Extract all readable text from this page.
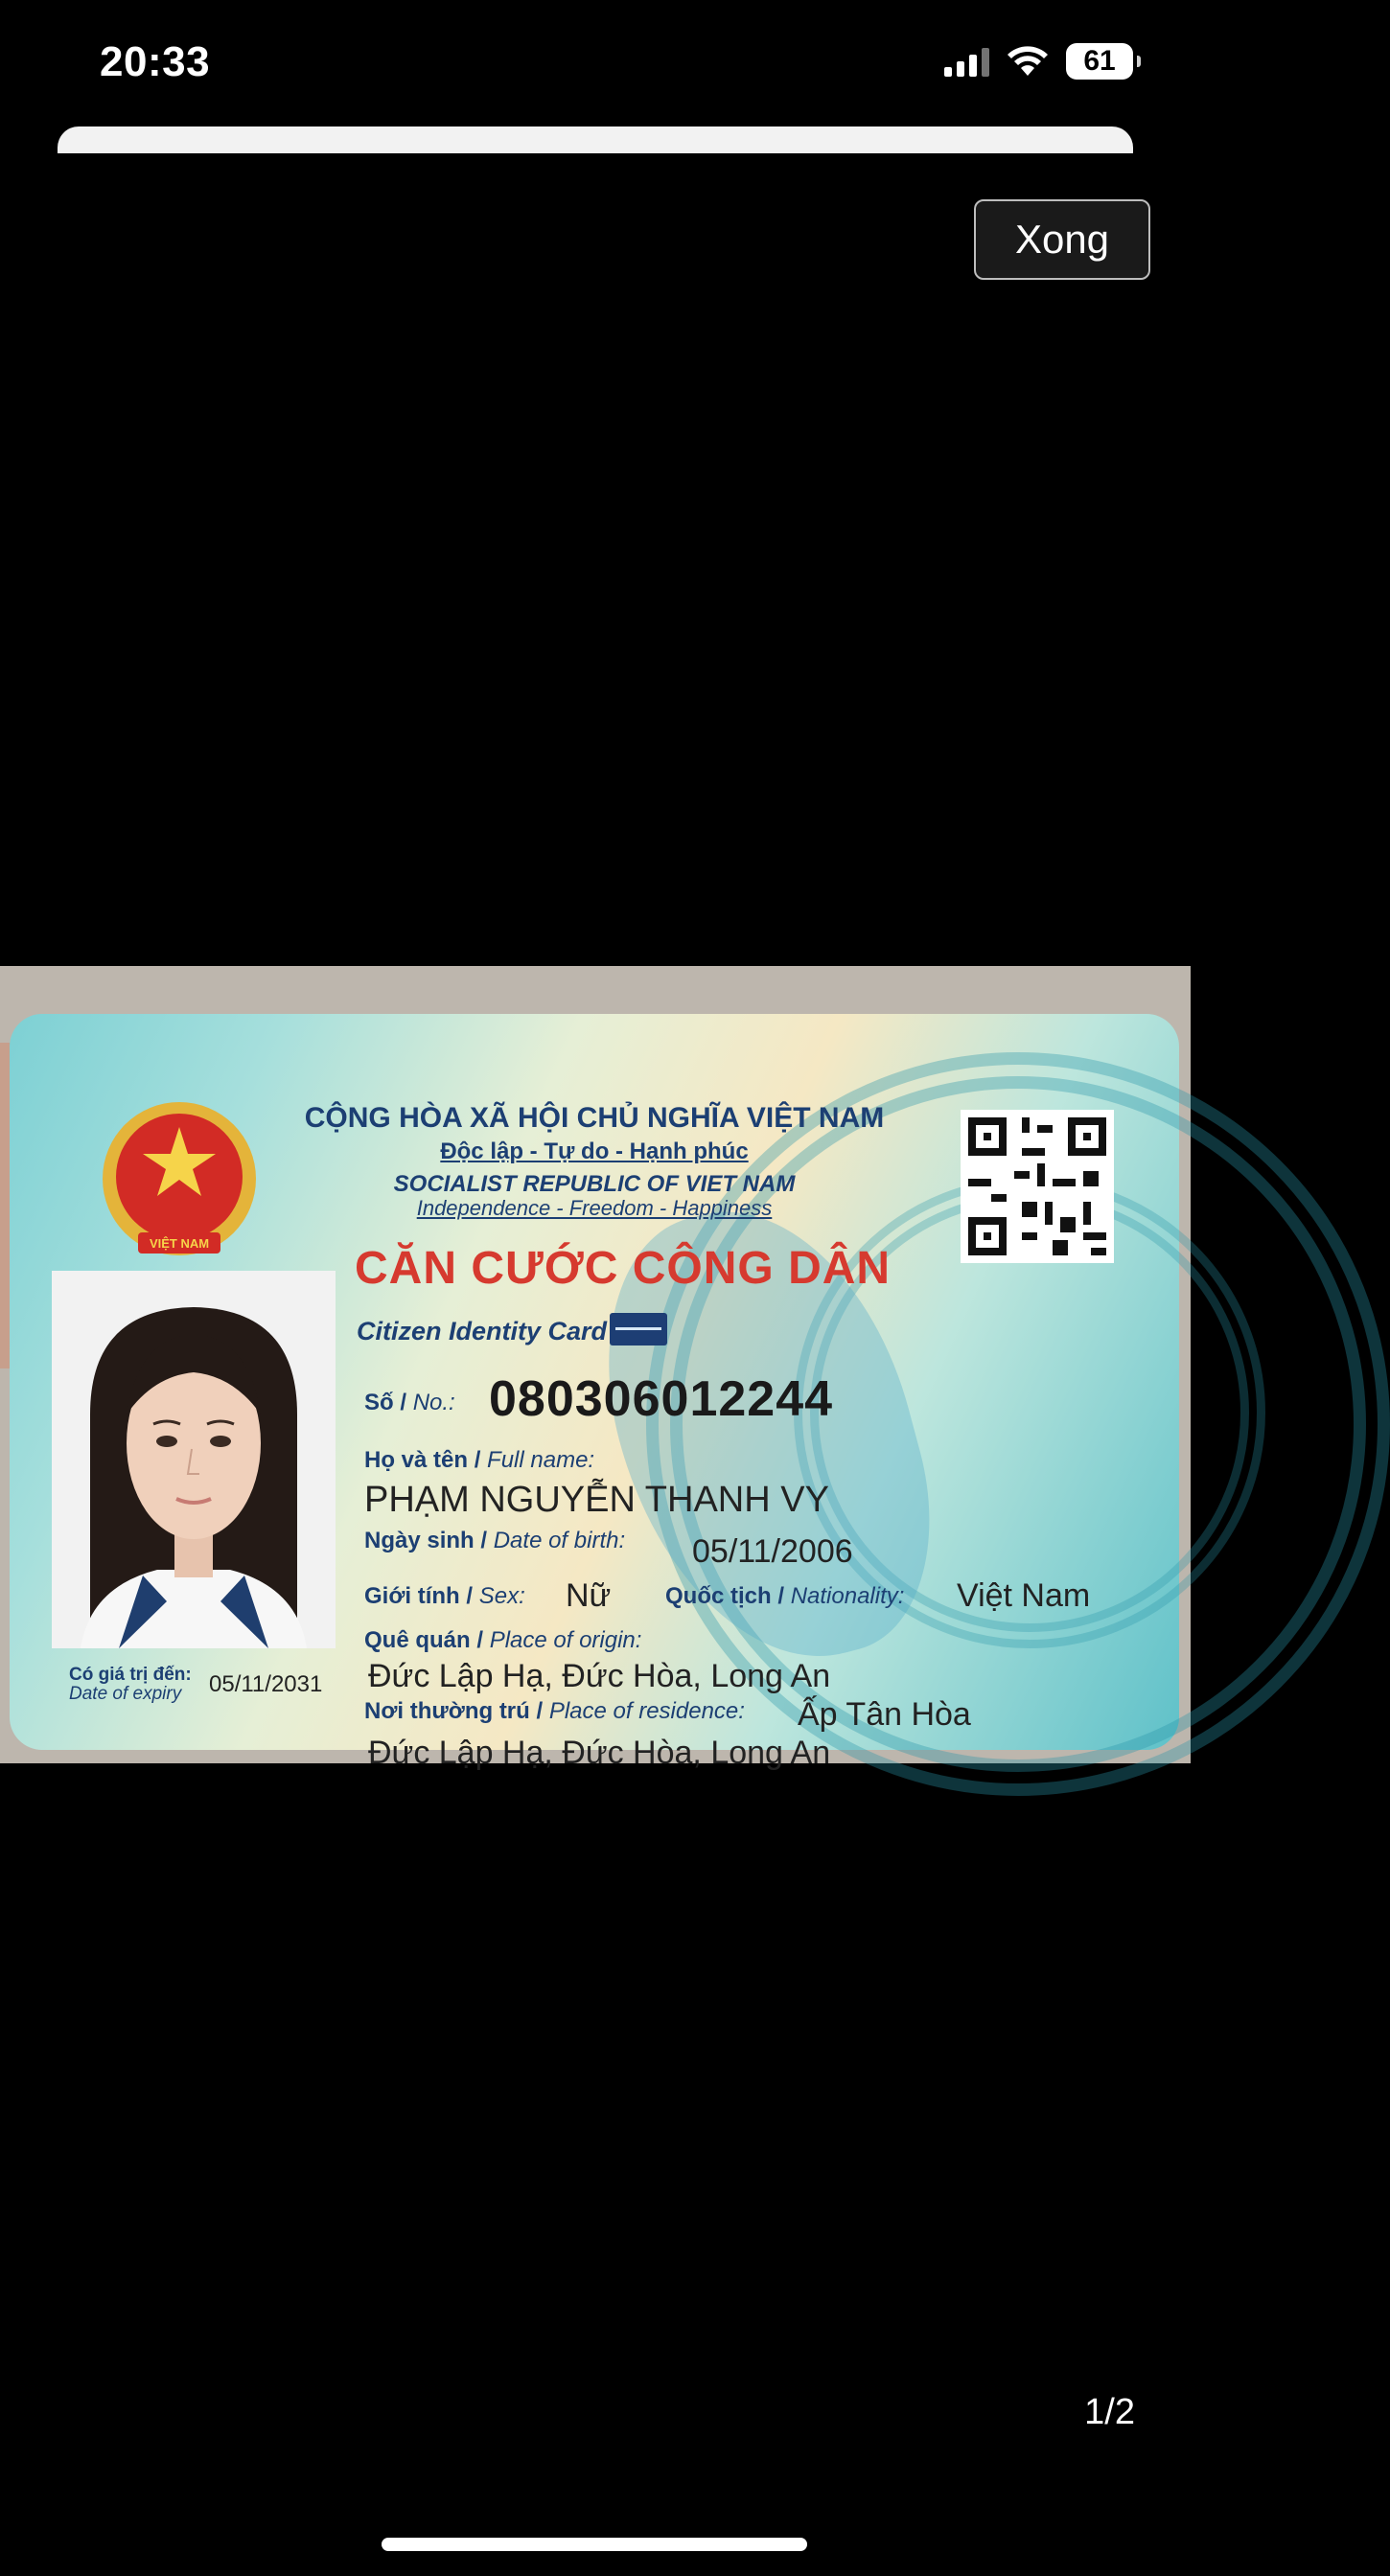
20:33	61
Xong
VIỆT NAM
CỘNG HÒA XÃ HỘI CHỦ NGHĨA VIỆT NAM
Độc lập - Tự do - Hạnh phúc
SOCIALIST REPUBLIC OF VIET NAM
Independence - Freedom - Happiness
CĂN CƯỚC CÔNG DÂN
Citizen Identity Card
Số / No.: 080306012244
Họ và tên / Full name:
PHẠM NGUYỄN THANH VY
Ngày sinh / Date of birth: 05/11/2006
Giới tính / Sex: Nữ Quốc tịch / Nationality: Việt Nam
Quê quán / Place of origin:
Đức Lập Hạ, Đức Hòa, Long An
Nơi thường trú / Place of residence: Ấp Tân Hòa
Đức Lập Hạ, Đức Hòa, Long An
Có giá trị đến:
Date of expiry	05/11/2031
1/2
